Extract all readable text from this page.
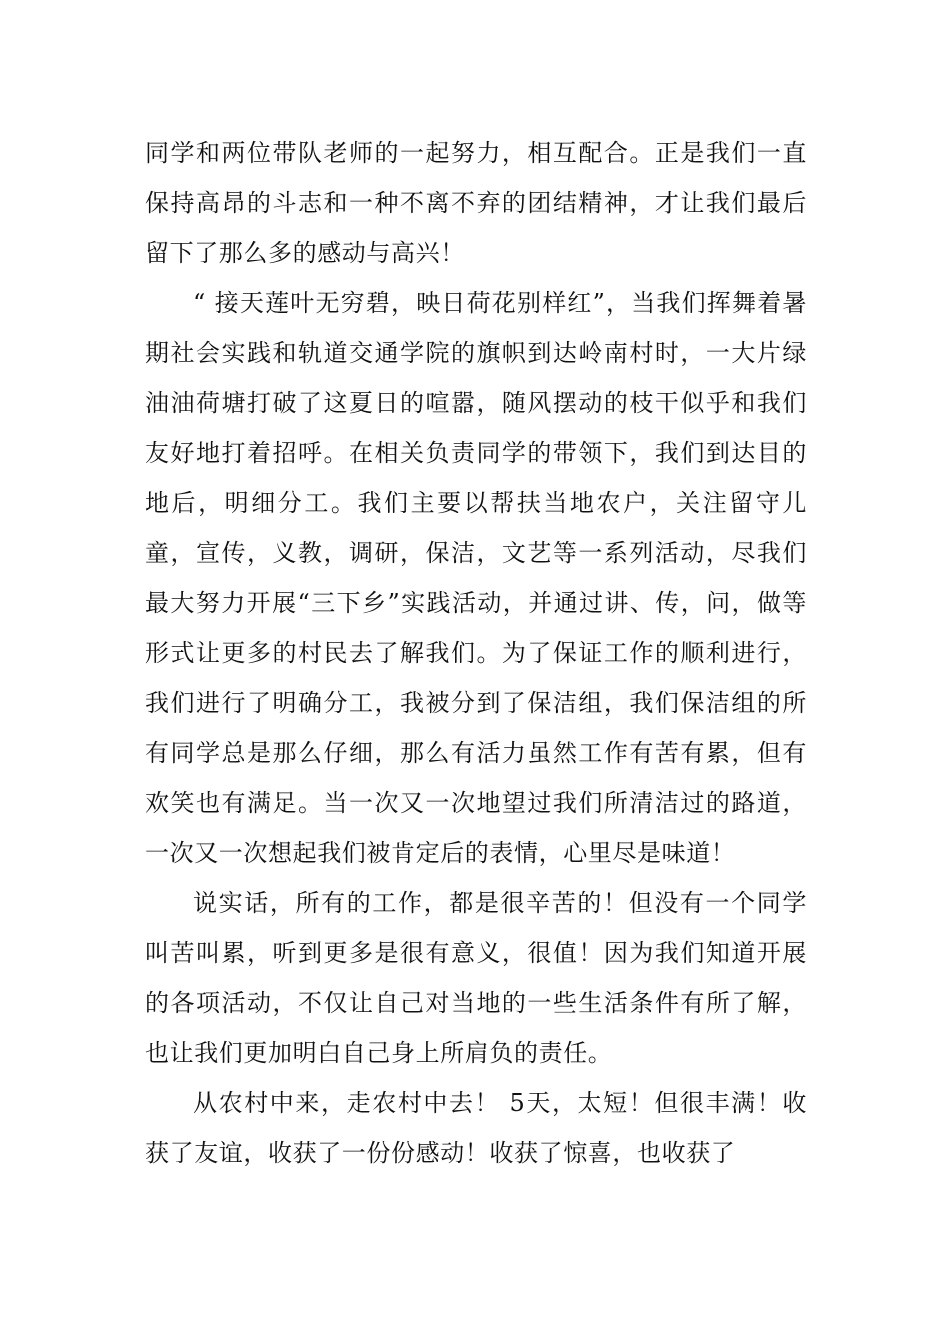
同学和两位带队老师的一起努力，相互配合。正是我们一直保持高昂的斗志和一种不离不弃的团结精神，才让我们最后留下了那么多的感动与高兴！

“ 接天莲叶无穷碧，映日荷花别样红”，当我们挥舞着暑期社会实践和轨道交通学院的旗帜到达岭南村时，一大片绿油油荷塘打破了这夏日的喧嚣，随风摆动的枝干似乎和我们友好地打着招呼。在相关负责同学的带领下，我们到达目的地后，明细分工。我们主要以帮扶当地农户，关注留守儿童，宣传，义教，调研，保洁，文艺等一系列活动，尽我们最大努力开展“三下乡”实践活动，并通过讲、传，问，做等形式让更多的村民去了解我们。为了保证工作的顺利进行，我们进行了明确分工，我被分到了保洁组，我们保洁组的所有同学总是那么仔细，那么有活力虽然工作有苦有累，但有欢笑也有满足。当一次又一次地望过我们所清洁过的路道，一次又一次想起我们被肯定后的表情，心里尽是味道！

说实话，所有的工作，都是很辛苦的！但没有一个同学叫苦叫累，听到更多是很有意义，很值！因为我们知道开展的各项活动，不仅让自己对当地的一些生活条件有所了解，也让我们更加明白自己身上所肩负的责任。

从农村中来，走农村中去！ 5天，太短！但很丰满！收获了友谊，收获了一份份感动！收获了惊喜，也收获了
